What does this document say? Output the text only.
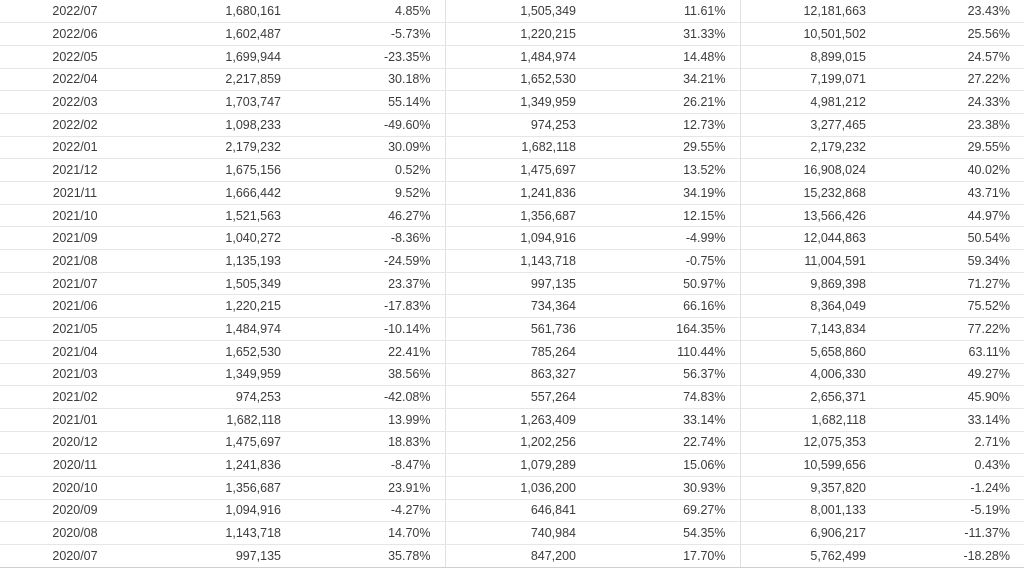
2022/07	1,680,161	4.85%	1,505,349	11.61%	12,181,663	23.43%
2022/06	1,602,487	-5.73%	1,220,215	31.33%	10,501,502	25.56%
2022/05	1,699,944	-23.35%	1,484,974	14.48%	8,899,015	24.57%
2022/04	2,217,859	30.18%	1,652,530	34.21%	7,199,071	27.22%
2022/03	1,703,747	55.14%	1,349,959	26.21%	4,981,212	24.33%
2022/02	1,098,233	-49.60%	974,253	12.73%	3,277,465	23.38%
2022/01	2,179,232	30.09%	1,682,118	29.55%	2,179,232	29.55%
2021/12	1,675,156	0.52%	1,475,697	13.52%	16,908,024	40.02%
2021/11	1,666,442	9.52%	1,241,836	34.19%	15,232,868	43.71%
2021/10	1,521,563	46.27%	1,356,687	12.15%	13,566,426	44.97%
2021/09	1,040,272	-8.36%	1,094,916	-4.99%	12,044,863	50.54%
2021/08	1,135,193	-24.59%	1,143,718	-0.75%	11,004,591	59.34%
2021/07	1,505,349	23.37%	997,135	50.97%	9,869,398	71.27%
2021/06	1,220,215	-17.83%	734,364	66.16%	8,364,049	75.52%
2021/05	1,484,974	-10.14%	561,736	164.35%	7,143,834	77.22%
2021/04	1,652,530	22.41%	785,264	110.44%	5,658,860	63.11%
2021/03	1,349,959	38.56%	863,327	56.37%	4,006,330	49.27%
2021/02	974,253	-42.08%	557,264	74.83%	2,656,371	45.90%
2021/01	1,682,118	13.99%	1,263,409	33.14%	1,682,118	33.14%
2020/12	1,475,697	18.83%	1,202,256	22.74%	12,075,353	2.71%
2020/11	1,241,836	-8.47%	1,079,289	15.06%	10,599,656	0.43%
2020/10	1,356,687	23.91%	1,036,200	30.93%	9,357,820	-1.24%
2020/09	1,094,916	-4.27%	646,841	69.27%	8,001,133	-5.19%
2020/08	1,143,718	14.70%	740,984	54.35%	6,906,217	-11.37%
2020/07	997,135	35.78%	847,200	17.70%	5,762,499	-18.28%
